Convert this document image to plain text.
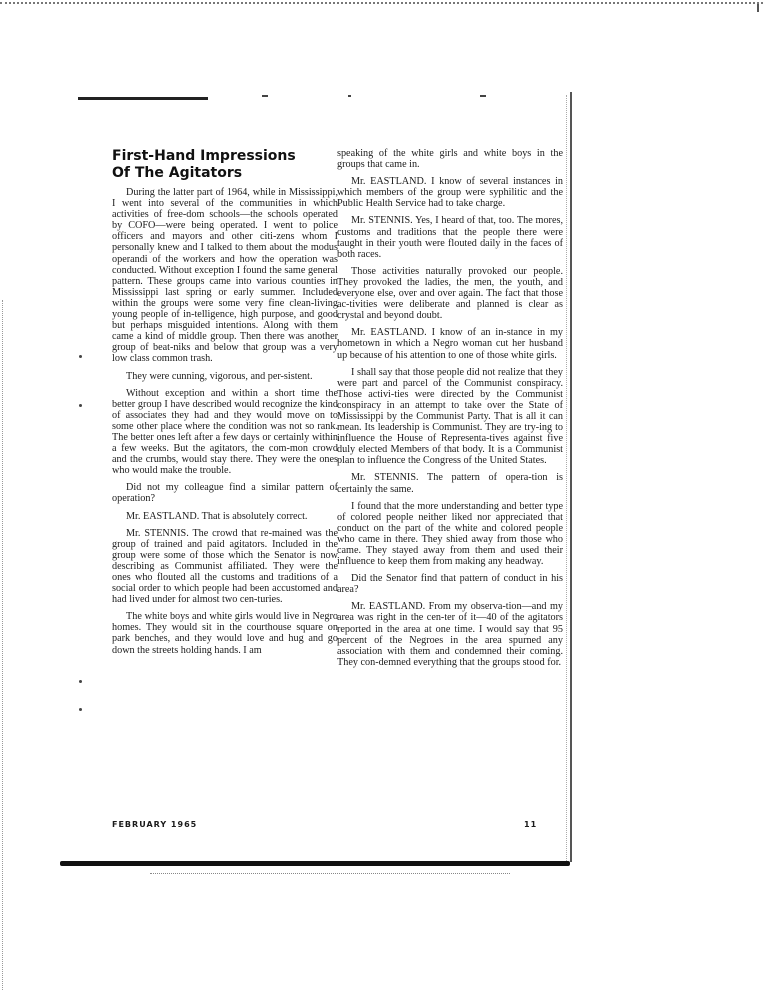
First-Hand Impressions
Of The Agitators

During the latter part of 1964, while in Mississippi, I went into several of the communities in which activities of free-dom schools—the schools operated by COFO—were being operated. I went to police officers and mayors and other citi-zens whom I personally knew and I talked to them about the modus operandi of the workers and how the operation was conducted. Without exception I found the same general pattern. These groups came into various counties in Mississippi last spring or early summer. Included within the groups were some very fine clean-living young people of in-telligence, high purpose, and good but perhaps misguided intentions. Along with them came a kind of middle group. Then there was another group of beat-niks and below that group was a very low class common trash.

They were cunning, vigorous, and per-sistent.

Without exception and within a short time the better group I have described would recognize the kind of associates they had and they would move on to some other place where the condition was not so rank. The better ones left after a few days or certainly within a few weeks. But the agitators, the com-mon crowd and the crumbs, would stay there. They were the ones who would make the trouble.

Did not my colleague find a similar pattern of operation?

Mr. EASTLAND. That is absolutely correct.

Mr. STENNIS. The crowd that re-mained was the group of trained and paid agitators. Included in the group were some of those which the Senator is now describing as Communist affiliated. They were the ones who flouted all the customs and traditions of a social order to which people had been accustomed and had lived under for almost two cen-turies.

The white boys and white girls would live in Negro homes. They would sit in the courthouse square on park benches, and they would love and hug and go down the streets holding hands. I am

speaking of the white girls and white boys in the groups that came in.

Mr. EASTLAND. I know of several instances in which members of the group were syphilitic and the Public Health Service had to take charge.

Mr. STENNIS. Yes, I heard of that, too. The mores, customs and traditions that the people there were taught in their youth were flouted daily in the faces of both races.

Those activities naturally provoked our people. They provoked the ladies, the men, the youth, and everyone else, over and over again. The fact that those ac-tivities were deliberate and planned is clear as crystal and beyond doubt.

Mr. EASTLAND. I know of an in-stance in my hometown in which a Negro woman cut her husband up because of his attention to one of those white girls.

I shall say that those people did not realize that they were part and parcel of the Communist conspiracy. Those activi-ties were directed by the Communist conspiracy in an attempt to take over the State of Mississippi by the Communist Party. That is all it can mean. Its leadership is Communist. They are try-ing to influence the House of Representa-tives against five duly elected Members of that body. It is a Communist plan to influence the Congress of the United States.

Mr. STENNIS. The pattern of opera-tion is certainly the same.

I found that the more understanding and better type of colored people neither liked nor appreciated that conduct on the part of the white and colored people who came in there. They shied away from those who came. They stayed away from them and used their influence to keep them from making any headway.

Did the Senator find that pattern of conduct in his area?

Mr. EASTLAND. From my observa-tion—and my area was right in the cen-ter of it—40 of the agitators reported in the area at one time. I would say that 95 percent of the Negroes in the area spurned any association with them and condemned their coming. They con-demned everything that the groups stood for.

FEBRUARY 1965	11
